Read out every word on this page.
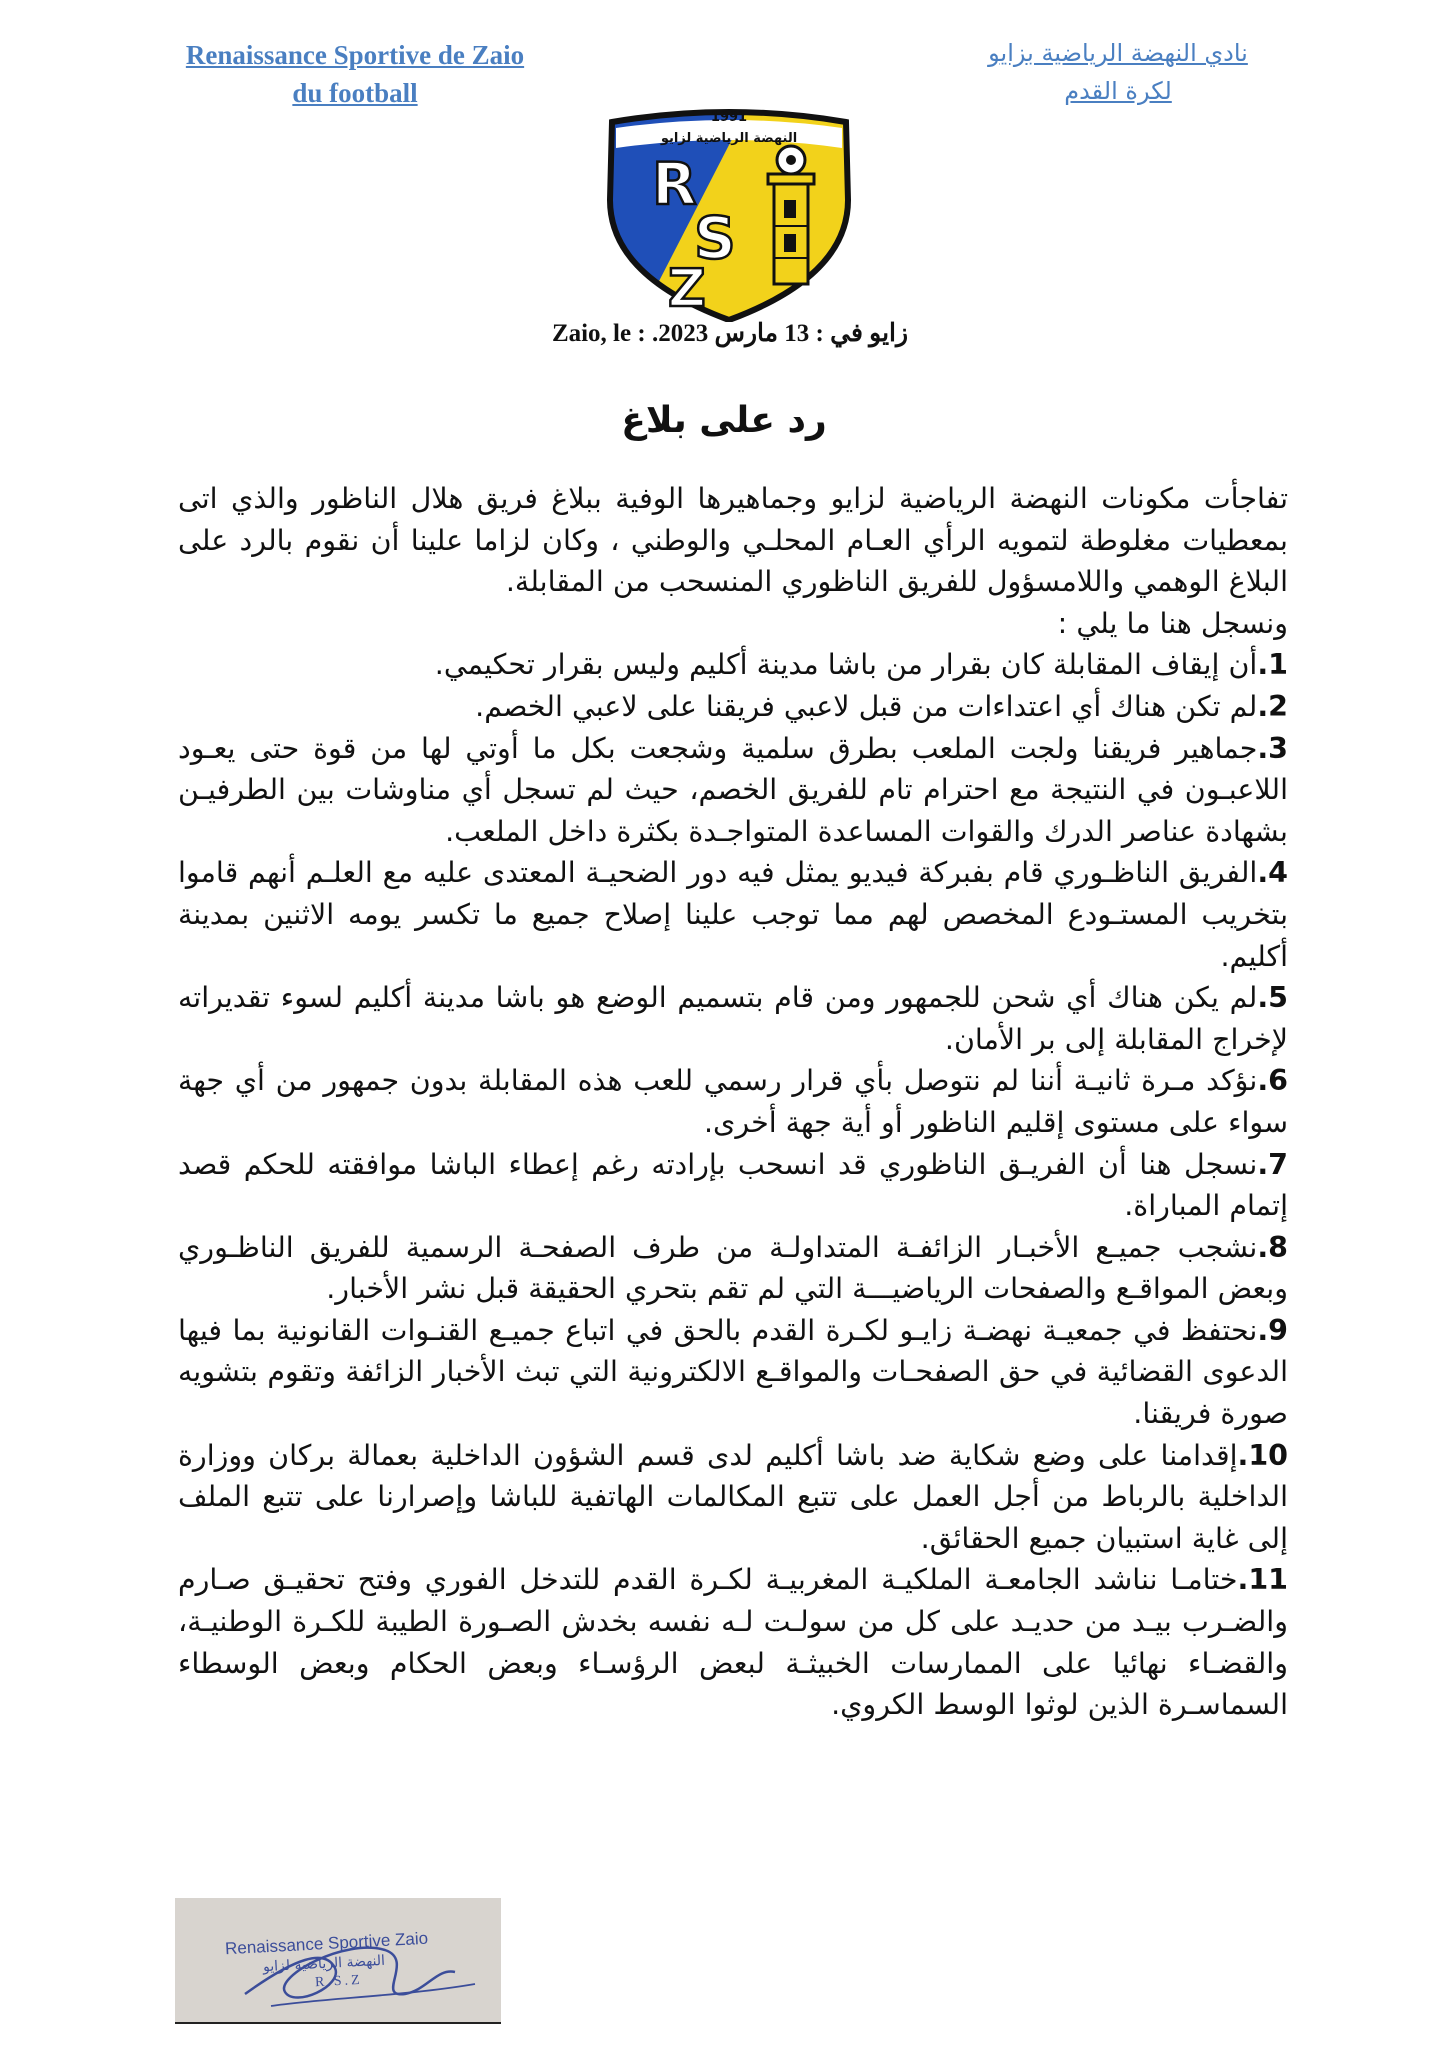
Renaissance Sportive de Zaio
du football
نادي النهضة الرياضية بزايو
لكرة القدم
1991
النهضة الرياضية لزايو
R
S
Z
Zaio, le :	زايو في : 13 مارس 2023.
رد على بلاغ

تفاجأت مكونات النهضة الرياضية لزايو وجماهيرها الوفية ببلاغ فريق هلال الناظور والذي اتى بمعطيات مغلوطة لتمويه الرأي العـام المحلـي والوطني ، وكان لزاما علينا أن نقوم بالرد على البلاغ الوهمي واللامسؤول للفريق الناظوري المنسحب من المقابلة.

ونسجل هنا ما يلي :

1.أن إيقاف المقابلة كان بقرار من باشا مدينة أكليم وليس بقرار تحكيمي.

2.لم تكن هناك أي اعتداءات من قبل لاعبي فريقنا على لاعبي الخصم.

3.جماهير فريقنا ولجت الملعب بطرق سلمية وشجعت بكل ما أوتي لها من قوة حتى يعـود اللاعبـون في النتيجة مع احترام تام للفريق الخصم، حيث لم تسجل أي مناوشات بين الطرفيـن بشهادة عناصر الدرك والقوات المساعدة المتواجـدة بكثرة داخل الملعب.

4.الفريق الناظـوري قام بفبركة فيديو يمثل فيه دور الضحيـة المعتدى عليه مع العلـم أنهم قاموا بتخريب المستـودع المخصص لهم مما توجب علينا إصلاح جميع ما تكسر يومه الاثنين بمدينة أكليم.

5.لم يكن هناك أي شحن للجمهور ومن قام بتسميم الوضع هو باشا مدينة أكليم لسوء تقديراته لإخراج المقابلة إلى بر الأمان.

6.نؤكد مـرة ثانيـة أننا لم نتوصل بأي قرار رسمي للعب هذه المقابلة بدون جمهور من أي جهة سواء على مستوى إقليم الناظور أو أية جهة أخرى.

7.نسجل هنا أن الفريـق الناظوري قد انسحب بإرادته رغم إعطاء الباشا موافقته للحكم قصد إتمام المباراة.

8.نشجب جميـع الأخبـار الزائفـة المتداولـة من طرف الصفحـة الرسمية للفريق الناظـوري وبعض المواقـع والصفحات الرياضيـــة التي لم تقم بتحري الحقيقة قبل نشر الأخبار.

9.نحتفظ في جمعيـة نهضـة زايـو لكـرة القدم بالحق في اتباع جميـع القنـوات القانونية بما فيها الدعوى القضائية في حق الصفحـات والمواقـع الالكترونية التي تبث الأخبار الزائفة وتقوم بتشويه صورة فريقنا.

10.إقدامنا على وضع شكاية ضد باشا أكليم لدى قسم الشؤون الداخلية بعمالة بركان ووزارة الداخلية بالرباط من أجل العمل على تتبع المكالمات الهاتفية للباشا وإصرارنا على تتبع الملف إلى غاية استبيان جميع الحقائق.

11.ختامـا نناشد الجامعـة الملكيـة المغربيـة لكـرة القدم للتدخل الفوري وفتح تحقيـق صـارم والضـرب بيـد من حديـد على كل من سولـت لـه نفسه بخدش الصـورة الطيبة للكـرة الوطنيـة، والقضـاء نهائيا على الممارسات الخبيثـة لبعض الرؤسـاء وبعض الحكام وبعض الوسطاء السماسـرة الذين لوثوا الوسط الكروي.

Renaissance Sportive Zaio
النهضة الرياضية لزايو
R.S.Z
